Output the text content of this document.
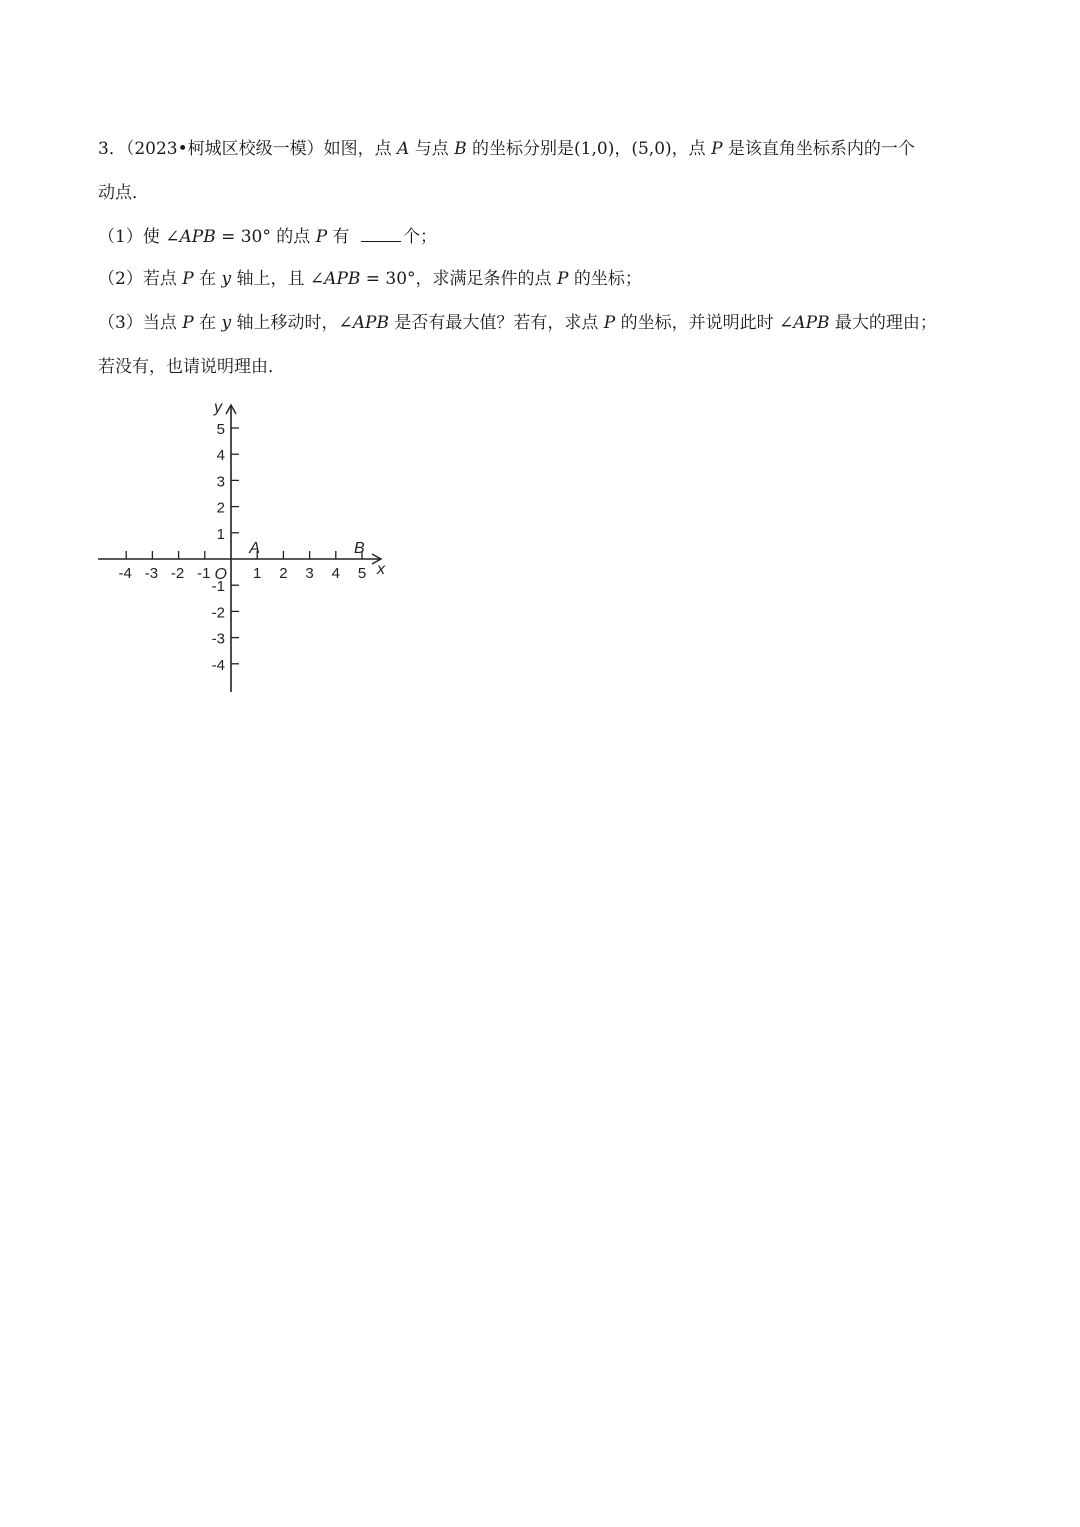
3．（2023•柯城区校级一模）如图，点 A 与点 B 的坐标分别是(1,0)，(5,0)，点 P 是该直角坐标系内的一个
动点．
（1）使 ∠APB = 30° 的点 P 有	个；
（2）若点 P 在 y 轴上，且 ∠APB = 30°，求满足条件的点 P 的坐标；
（3）当点 P 在 y 轴上移动时，∠APB 是否有最大值？若有，求点 P 的坐标，并说明此时 ∠APB 最大的理由；
若没有，也请说明理由．
-4 -3 -2 -1	1 2 3 4 5
5
4
3
2
1
-1
-2
-3
-4
O	x
y
A	B
